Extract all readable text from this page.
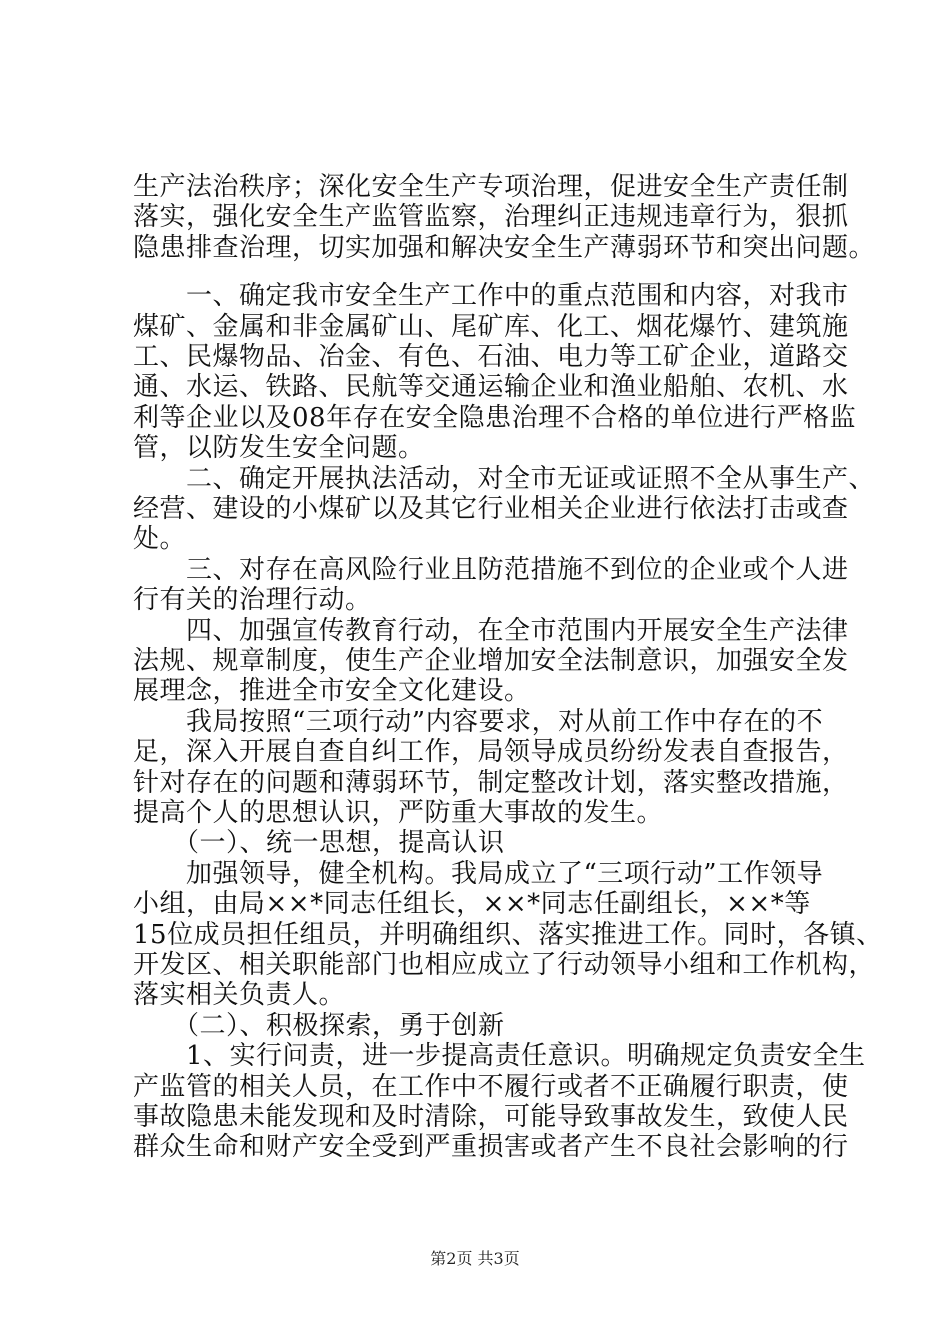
生产法治秩序；深化安全生产专项治理，促进安全生产责任制
落实，强化安全生产监管监察，治理纠正违规违章行为，狠抓
隐患排查治理，切实加强和解决安全生产薄弱环节和突出问题。
　　一、确定我市安全生产工作中的重点范围和内容，对我市
煤矿、金属和非金属矿山、尾矿库、化工、烟花爆竹、建筑施
工、民爆物品、冶金、有色、石油、电力等工矿企业，道路交
通、水运、铁路、民航等交通运输企业和渔业船舶、农机、水
利等企业以及08年存在安全隐患治理不合格的单位进行严格监
管，以防发生安全问题。
　　二、确定开展执法活动，对全市无证或证照不全从事生产、
经营、建设的小煤矿以及其它行业相关企业进行依法打击或查
处。
　　三、对存在高风险行业且防范措施不到位的企业或个人进
行有关的治理行动。
　　四、加强宣传教育行动，在全市范围内开展安全生产法律
法规、规章制度，使生产企业增加安全法制意识，加强安全发
展理念，推进全市安全文化建设。
　　我局按照“三项行动”内容要求，对从前工作中存在的不
足，深入开展自查自纠工作，局领导成员纷纷发表自查报告，
针对存在的问题和薄弱环节，制定整改计划，落实整改措施，
提高个人的思想认识，严防重大事故的发生。
　　（一）、统一思想，提高认识
　　加强领导，健全机构。我局成立了“三项行动”工作领导
小组，由局××*同志任组长，××*同志任副组长，××*等
15位成员担任组员，并明确组织、落实推进工作。同时，各镇、
开发区、相关职能部门也相应成立了行动领导小组和工作机构，
落实相关负责人。
　　（二）、积极探索，勇于创新
　　1、实行问责，进一步提高责任意识。明确规定负责安全生
产监管的相关人员，在工作中不履行或者不正确履行职责，使
事故隐患未能发现和及时清除，可能导致事故发生，致使人民
群众生命和财产安全受到严重损害或者产生不良社会影响的行
第2页 共3页
